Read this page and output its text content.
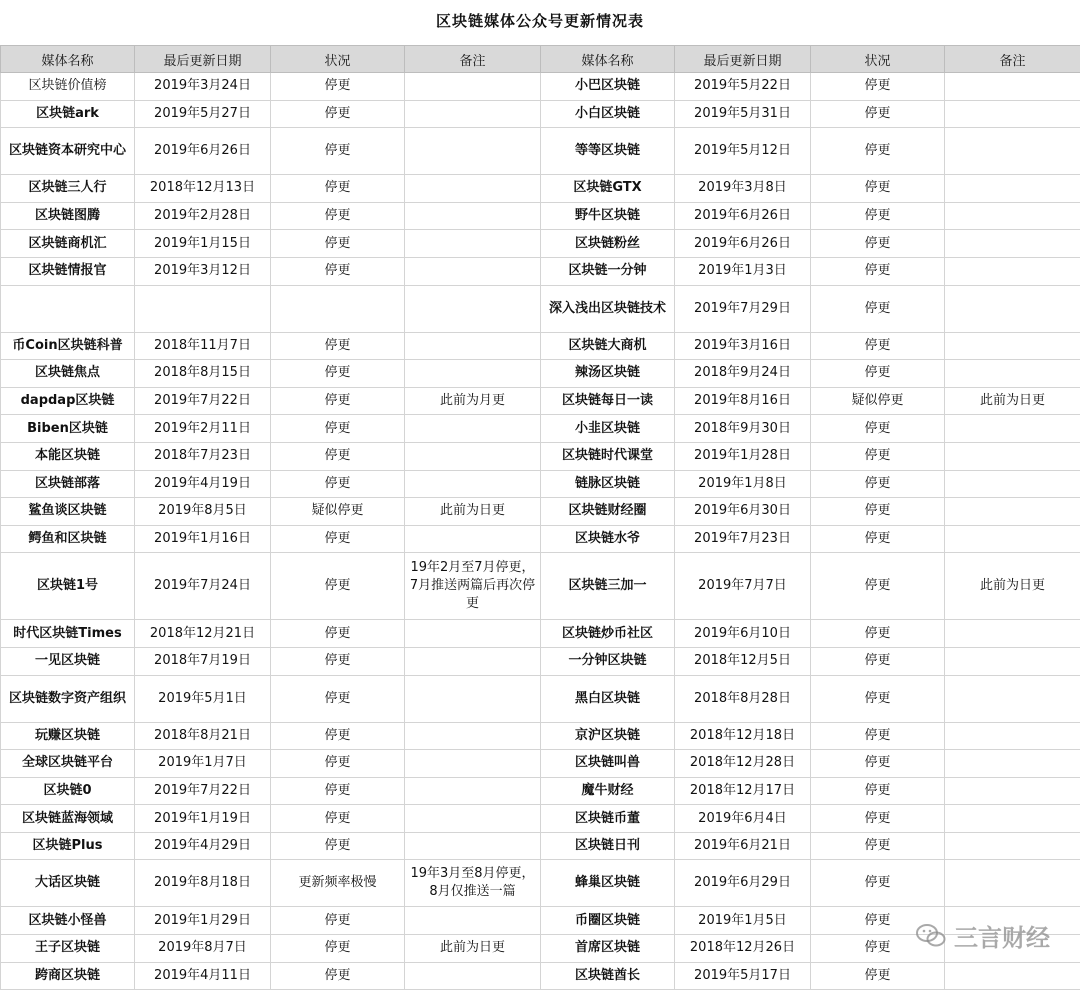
区块链媒体公众号更新情况表
媒体名称	最后更新日期	状况	备注	媒体名称	最后更新日期	状况	备注
区块链价值榜	2019年3月24日	停更		小巴区块链	2019年5月22日	停更	
区块链ark	2019年5月27日	停更		小白区块链	2019年5月31日	停更	
区块链资本研究中心	2019年6月26日	停更		等等区块链	2019年5月12日	停更	
区块链三人行	2018年12月13日	停更		区块链GTX	2019年3月8日	停更	
区块链图腾	2019年2月28日	停更		野牛区块链	2019年6月26日	停更	
区块链商机汇	2019年1月15日	停更		区块链粉丝	2019年6月26日	停更	
区块链情报官	2019年3月12日	停更		区块链一分钟	2019年1月3日	停更	
				深入浅出区块链技术	2019年7月29日	停更	
币Coin区块链科普	2018年11月7日	停更		区块链大商机	2019年3月16日	停更	
区块链焦点	2018年8月15日	停更		辣汤区块链	2018年9月24日	停更	
dapdap区块链	2019年7月22日	停更	此前为月更	区块链每日一读	2019年8月16日	疑似停更	此前为日更
Biben区块链	2019年2月11日	停更		小韭区块链	2018年9月30日	停更	
本能区块链	2018年7月23日	停更		区块链时代课堂	2019年1月28日	停更	
区块链部落	2019年4月19日	停更		链脉区块链	2019年1月8日	停更	
鲨鱼谈区块链	2019年8月5日	疑似停更	此前为日更	区块链财经圈	2019年6月30日	停更	
鳄鱼和区块链	2019年1月16日	停更		区块链水爷	2019年7月23日	停更	
区块链1号	2019年7月24日	停更	19年2月至7月停更，7月推送两篇后再次停更	区块链三加一	2019年7月7日	停更	此前为日更
时代区块链Times	2018年12月21日	停更		区块链炒币社区	2019年6月10日	停更	
一见区块链	2018年7月19日	停更		一分钟区块链	2018年12月5日	停更	
区块链数字资产组织	2019年5月1日	停更		黑白区块链	2018年8月28日	停更	
玩赚区块链	2018年8月21日	停更		京沪区块链	2018年12月18日	停更	
全球区块链平台	2019年1月7日	停更		区块链叫兽	2018年12月28日	停更	
区块链0	2019年7月22日	停更		魔牛财经	2018年12月17日	停更	
区块链蓝海领域	2019年1月19日	停更		区块链币董	2019年6月4日	停更	
区块链Plus	2019年4月29日	停更		区块链日刊	2019年6月21日	停更	
大话区块链	2019年8月18日	更新频率极慢	19年3月至8月停更，8月仅推送一篇	蜂巢区块链	2019年6月29日	停更	
区块链小怪兽	2019年1月29日	停更		币圈区块链	2019年1月5日	停更	
王子区块链	2019年8月7日	停更	此前为日更	首席区块链	2018年12月26日	停更	
跨商区块链	2019年4月11日	停更		区块链酋长	2019年5月17日	停更	
三言财经
